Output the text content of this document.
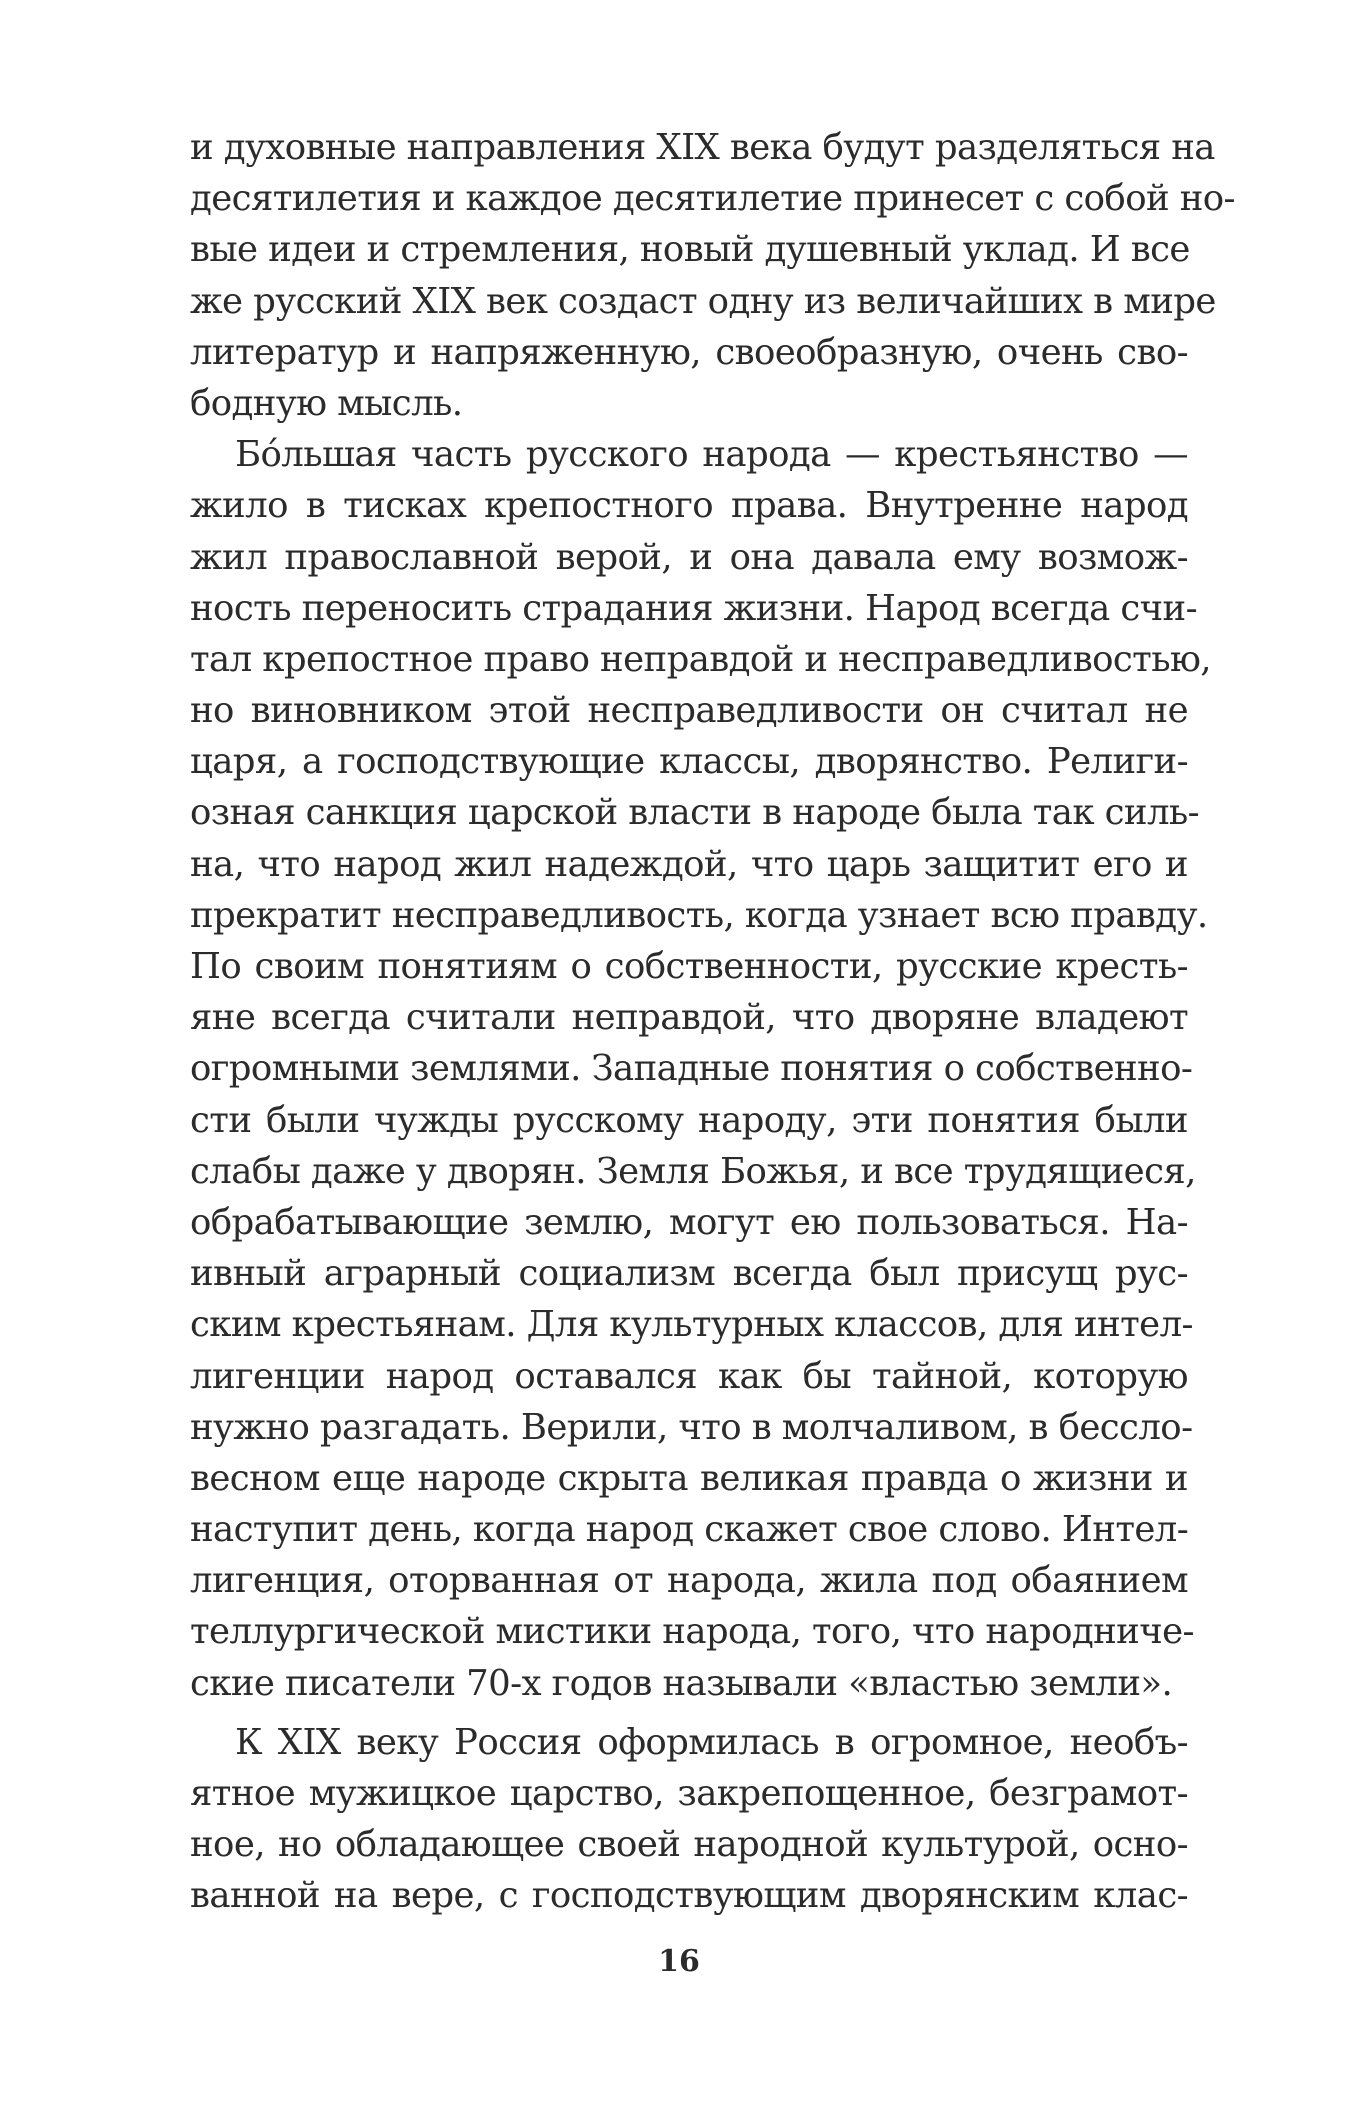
и духовные направления XIX века будут разделяться на
десятилетия и каждое десятилетие принесет с собой но-
вые идеи и стремления, новый душевный уклад. И все
же русский XIX век создаст одну из величайших в мире
литератур и напряженную, своеобразную, очень сво-
бодную мысль.
Бóльшая часть русского народа — крестьянство —
жило в тисках крепостного права. Внутренне народ
жил православной верой, и она давала ему возмож-
ность переносить страдания жизни. Народ всегда счи-
тал крепостное право неправдой и несправедливостью,
но виновником этой несправедливости он считал не
царя, а господствующие классы, дворянство. Религи-
озная санкция царской власти в народе была так силь-
на, что народ жил надеждой, что царь защитит его и
прекратит несправедливость, когда узнает всю правду.
По своим понятиям о собственности, русские кресть-
яне всегда считали неправдой, что дворяне владеют
огромными землями. Западные понятия о собственно-
сти были чужды русскому народу, эти понятия были
слабы даже у дворян. Земля Божья, и все трудящиеся,
обрабатывающие землю, могут ею пользоваться. На-
ивный аграрный социализм всегда был присущ рус-
ским крестьянам. Для культурных классов, для интел-
лигенции народ оставался как бы тайной, которую
нужно разгадать. Верили, что в молчаливом, в бессло-
весном еще народе скрыта великая правда о жизни и
наступит день, когда народ скажет свое слово. Интел-
лигенция, оторванная от народа, жила под обаянием
теллургической мистики народа, того, что народниче-
ские писатели 70-х годов называли «властью земли».
К XIX веку Россия оформилась в огромное, необъ-
ятное мужицкое царство, закрепощенное, безграмот-
ное, но обладающее своей народной культурой, осно-
ванной на вере, с господствующим дворянским клас-
16
